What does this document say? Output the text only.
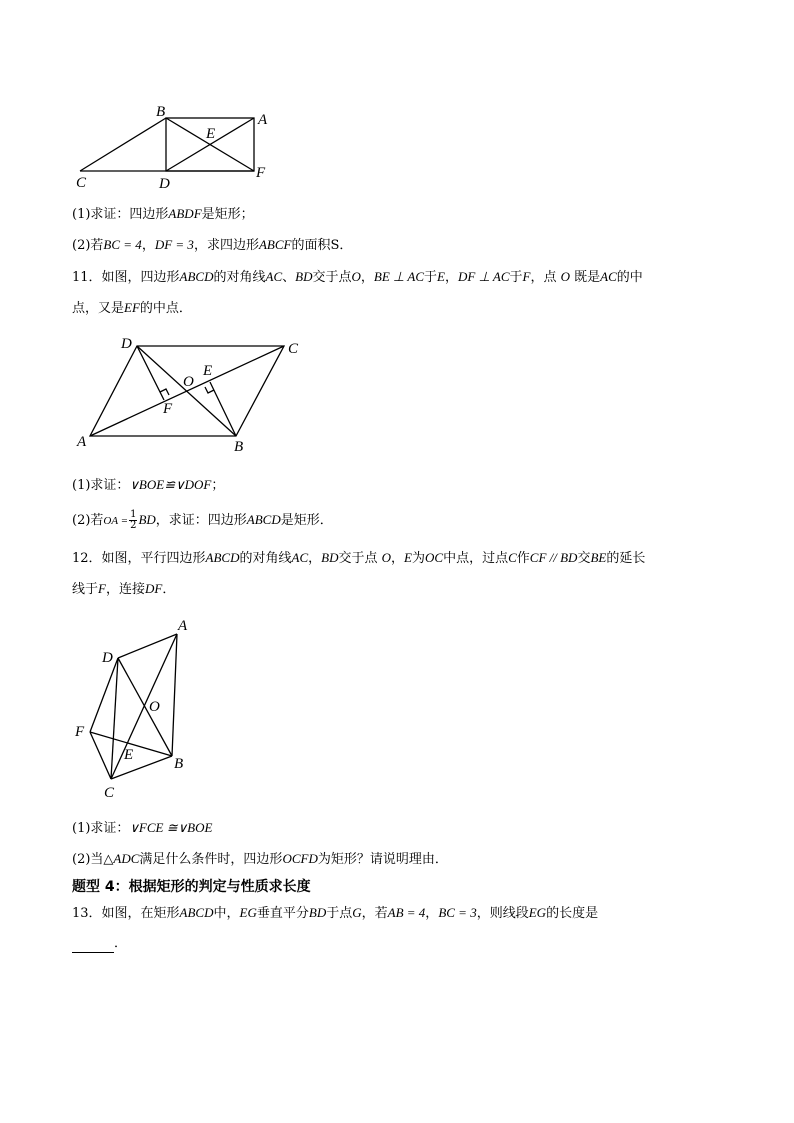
B	A
E
C	D
F
(1)求证：四边形ABDF是矩形；
(2)若BC = 4，DF = 3，求四边形ABCF的面积S．
11．如图，四边形ABCD的对角线AC、BD交于点O，BE ⊥ AC于E，DF ⊥ AC于F，点 O 既是AC的中
点，又是EF的中点．
D	C
E
O
F
A	B
(1)求证：∨BOE≌∨DOF；
(2)若OA = $\frac{1}{2}$ BD，求证：四边形ABCD是矩形．
12．如图，平行四边形ABCD的对角线AC，BD交于点 O，E为OC中点，过点C作CF // BD交BE的延长
线于F，连接DF．
A
D
O
F
E
B
C
(1)求证：∨FCE ≅∨BOE
(2)当△ADC满足什么条件时，四边形OCFD为矩形？请说明理由．
题型 4：根据矩形的判定与性质求长度
13．如图，在矩形ABCD中，EG垂直平分BD于点G，若AB = 4，BC = 3，则线段EG的长度是
．
